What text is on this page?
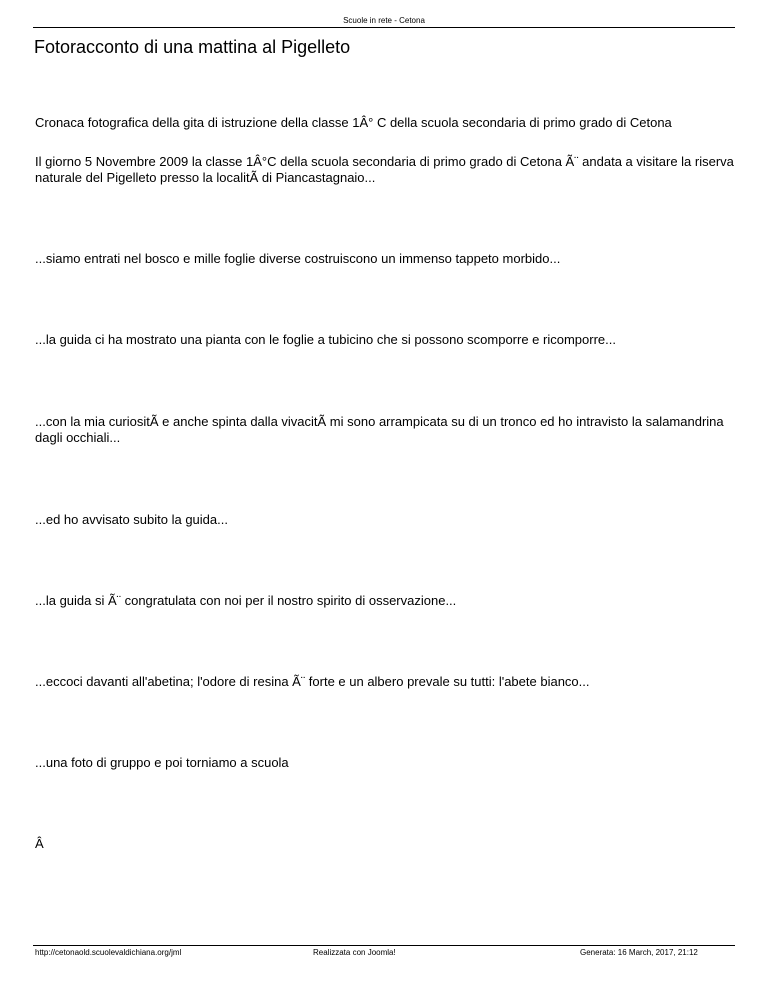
Scuole in rete - Cetona
Fotoracconto di una mattina al Pigelleto

Cronaca fotografica della gita di istruzione della classe 1Â° C della scuola secondaria di primo grado di Cetona

Il giorno 5 Novembre 2009 la classe 1Â°C della scuola secondaria di primo grado di Cetona Ã¨ andata a visitare la riserva naturale del Pigelleto presso la localitÃ di Piancastagnaio...

...siamo entrati nel bosco e mille foglie diverse costruiscono un immenso tappeto morbido...

...la guida ci ha mostrato una pianta con le foglie a tubicino che si possono scomporre e ricomporre...

...con la mia curiositÃ e anche spinta dalla vivacitÃ mi sono arrampicata su di un tronco ed ho intravisto la salamandrina dagli occhiali...

...ed ho avvisato subito la guida...

...la guida si Ã¨ congratulata con noi per il nostro spirito di osservazione...

...eccoci davanti all'abetina; l'odore di resina Ã¨ forte e un albero prevale su tutti: l'abete bianco...

...una foto di gruppo e poi torniamo a scuola

Â

http://cetonaold.scuolevaldichiana.org/jml	Realizzata con Joomla!	Generata: 16 March, 2017, 21:12
